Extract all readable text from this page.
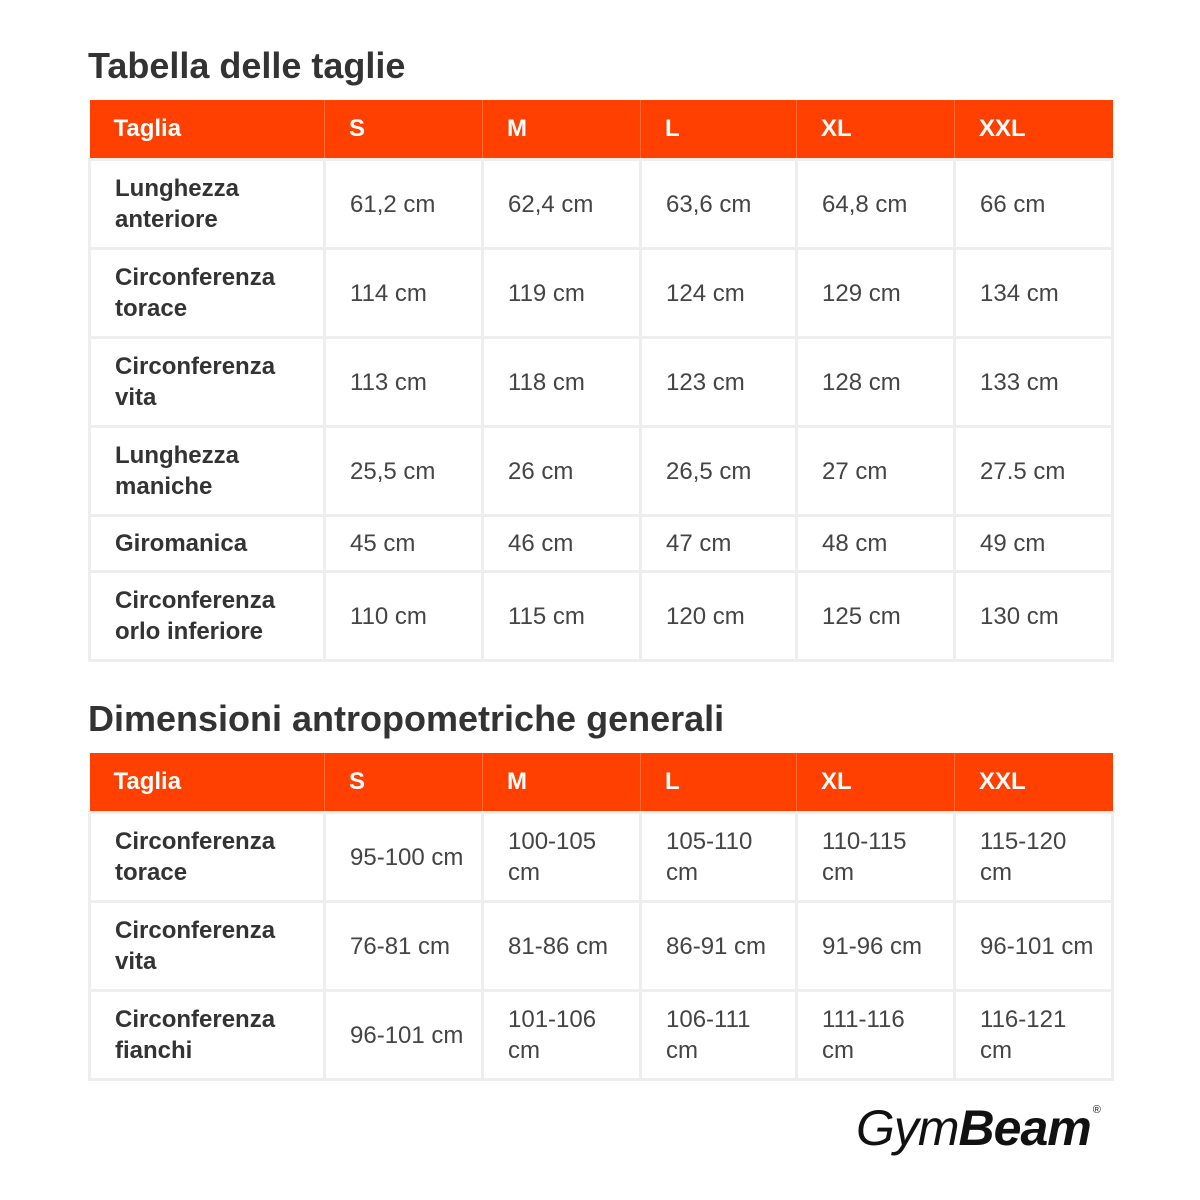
Tabella delle taglie
Taglia	S	M	L	XL	XXL
Lunghezza anteriore	61,2 cm	62,4 cm	63,6 cm	64,8 cm	66 cm
Circonferenza torace	114 cm	119 cm	124 cm	129 cm	134 cm
Circonferenza vita	113 cm	118 cm	123 cm	128 cm	133 cm
Lunghezza maniche	25,5 cm	26 cm	26,5 cm	27 cm	27.5 cm
Giromanica	45 cm	46 cm	47 cm	48 cm	49 cm
Circonferenza orlo inferiore	110 cm	115 cm	120 cm	125 cm	130 cm
Dimensioni antropometriche generali
Taglia	S	M	L	XL	XXL
Circonferenza torace	95-100 cm	100-105 cm	105-110 cm	110-115 cm	115-120 cm
Circonferenza vita	76-81 cm	81-86 cm	86-91 cm	91-96 cm	96-101 cm
Circonferenza fianchi	96-101 cm	101-106 cm	106-111 cm	111-116 cm	116-121 cm
GymBeam ®
